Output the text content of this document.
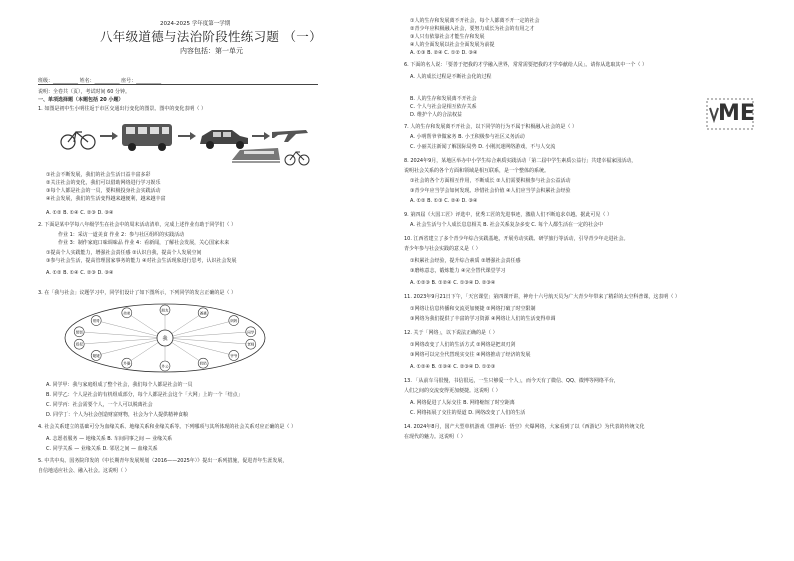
2024-2025 学年度第一学期
八年级道德与法治阶段性练习题 （一）
内容包括：第一单元
班级：__________ 姓名：__________ 座号：__________
说明：全卷共（页），考试时间 60 分钟。
一、单项选择题（本题包括 20 小题）
1. 如图是初中生小明往返于市区交通出行变化的图景。图中的变化表明（ ）
①社会不断发展，我们的社会生活日益丰富多彩
②关注社会的变化，我们可以借助网络进行学习娱乐
③每个人都是社会的一员，要积极投身社会实践活动
④社会发展，我们的生活变得越来越便利，越来越丰富
A. ①② B. ①④ C. ②③ D. ③④
2. 下面是某中学每八年级学生在社会中的周末活动清单，完成上述作业有助于同学们（ ）
作业 1：采访一道美食 作业 2：参与社区组织的实践活动
作业 3：制作家庭口味调味品 作业 4：看新闻，了解社会发展，关心国家未来
①提高个人实践能力，增强社会责任感 ②认识自我，提高个人发展空间
③参与社会生活，提高管理国家事务的能力 ④对社会生活现象进行思考，认识社会发展
A. ①② B. ①④ C. ②③ D. ③④
3. 在「我与社会」议题学习中，同学们设计了如下图所示，下列同学的发言正确的是（ ）
我
朋友
爸爸
妈妈
同学
老师
爷爷
奶奶
外公
外婆
姥姥
叔叔
舅舅
哥哥
弟弟
A. 同学甲：我与家庭组成了整个社会，我们每个人都是社会的一员
B. 同学乙：个人是社会的有机组成部分，每个人都是社会这个「大网」上的一个「结点」
C. 同学丙：社会需要个人，一个人可以脱离社会
D. 同学丁：个人为社会创造财富财物，社会为个人提供精神食粮
4. 社会关系建立的基础可分为血缘关系、地缘关系和业缘关系等。下列哪项与其所体现的社会关系对应正确的是（ ）
A. 志愿者服务 — 地缘关系 B. 车间同事之间 — 业缘关系
C. 同学关系 — 业缘关系 D. 邻居之间 — 血缘关系
5. 中共中央、国务院印发的《中长期青年发展规划（2016——2025年）》提出一系列措施，促进青年生涯发展，
自信地适应社会、融入社会。这说明（ ）
①人的生存和发展离不开社会，每个人都离不开一定的社会
②青少年应积极融入社会，要努力成长为社会的有用之才
③人只有依靠社会才能生存和发展
④人的全面发展以社会全面发展为前提
A. ①③ B. ②④ C. ①② D. ③④
6. 下面的名人说：「要善于把我的才学融入世界，常常需要把我的才学奉献给人民」。请你从选取其中一个（ ）
A. 人的成长过程是不断社会化的过程
B. 人的生存和发展离不开社会
C. 个人与社会是相互依存关系
D. 维护个人的合法权益	ME
7. 人的生存和发展离不开社会，以下同学的行为不属于积极融入社会的是（ ）
A. 小明帮爷爷做家务 B. 小王积极参与社区义务活动
C. 小丽关注新闻了解国际局势 D. 小刚沉迷网络游戏，不与人交流
8. 2024年9月，某地区举办中小学生综合素质实践活动「第二届中学生素质公益行」共建幸福家园活动，
说明社会关系的各个方面和领域是相互联系，是一个整体的系统。
①社会的各个方面相互作用，不断成长 ②人们需要积极参与社会公益活动
③青少年应当学会如何发现、珍惜社会价值 ④人们应当学会积累社会经验
A. ①② B. ①③ C. ②④ D. ③④
9. 第四届《大国工匠》评选中，优秀工匠的先进事迹，激励人们不断追求卓越。据此可见（ ）
A. 社会生活与个人成长息息相关 B. 社会关系复杂多变 C. 每个人都生活在一定的社会中
10. 江西省建立了多个青少年综合实践基地，开展劳动实践、研学旅行等活动，引导青少年走进社会。
青少年参与社会实践的意义是（ ）
①积累社会经验，提升综合素质 ②增强社会责任感
③磨练意志，锻炼能力 ④完全替代课堂学习
A. ①②③ B. ①②④ C. ①③④ D. ②③④
11. 2023年9月21日下午，「天宫课堂」第四课开讲，神舟十六号航天员为广大青少年带来了精彩的太空科普课，这表明（ ）
①网络让信息传播和交流更加便捷 ②网络打破了时空限制
③网络为我们提供了丰富的学习资源 ④网络让人们的生活变得单调
12. 关于「网络」，以下说法正确的是（ ）
①网络改变了人们的生活方式 ②网络是把双刃剑
③网络可以完全代替现实交往 ④网络推动了经济的发展
A. ①②④ B. ①③④ C. ②③④ D. ①②③
13. 「从前车马很慢，书信很远，一生只够爱一个人」，而今天有了微信、QQ、微博等网络平台，
人们之间的交流变得更加便捷。这说明（ ）
A. 网络促进了人际交往 B. 网络缩短了时空距离
C. 网络拓展了交往的渠道 D. 网络改变了人们的生活
14. 2024年8月，国产大型单机游戏《黑神话：悟空》火爆网络，大家看到了以《西游记》为代表的传统文化
在现代的魅力。这说明（ ）
